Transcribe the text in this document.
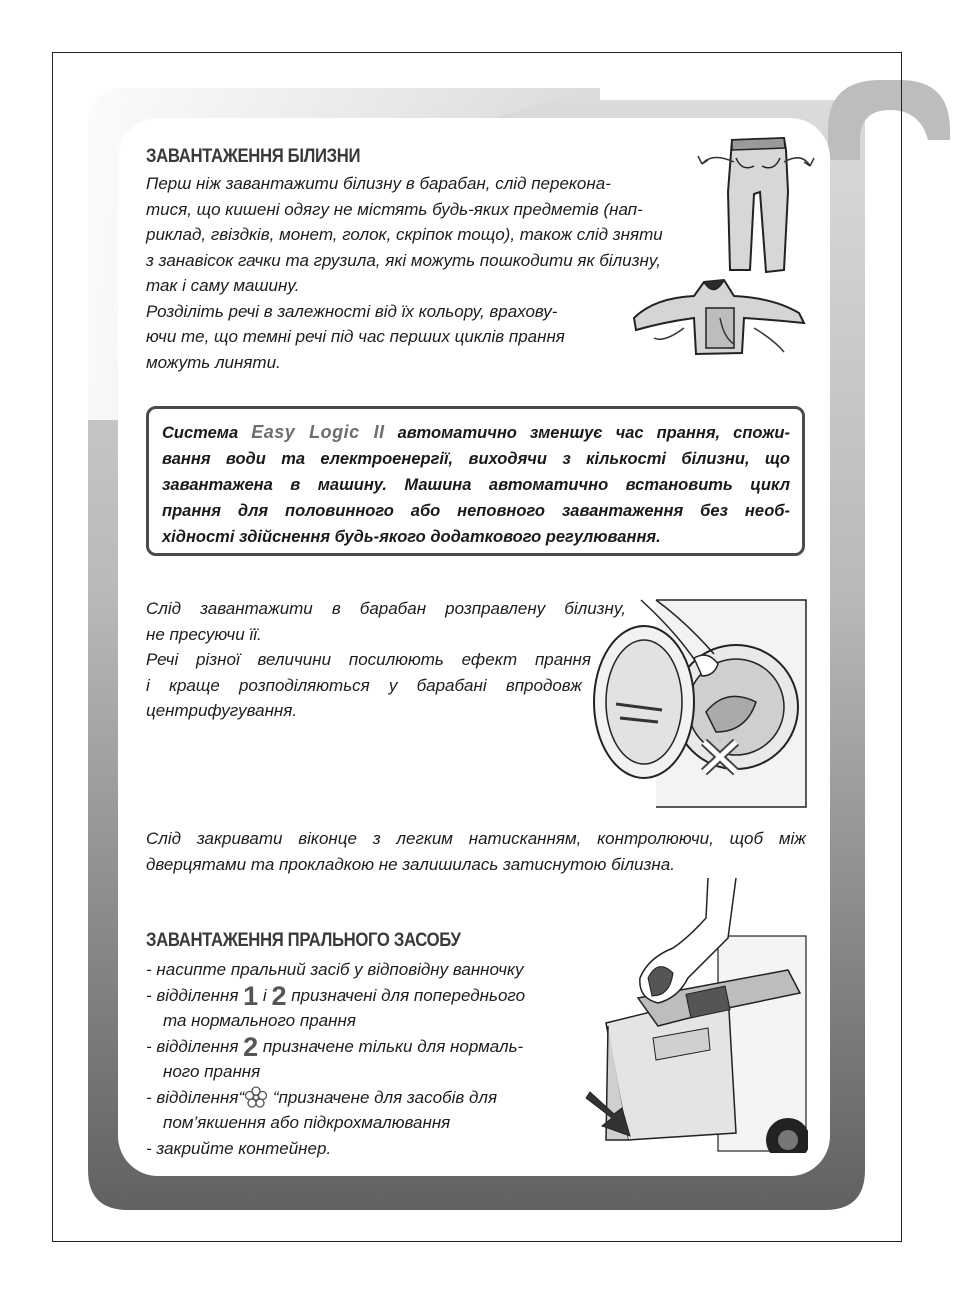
ЗАВАНТАЖЕННЯ БІЛИЗНИ
Перш ніж завантажити білизну в барабан, слід перекона-
тися, що кишені одягу не містять будь-яких предметів (нап-
риклад, гвіздків, монет, голок, скріпок тощо), також слід зняти
з занавісок гачки та грузила, які можуть пошкодити як білизну,
так і саму машину.
Розділіть речі в залежності від їх кольору, врахову-
ючи те, що темні речі під час перших циклів прання
можуть линяти.
Система Easy Logic II автоматично зменшує час прання, спожи-
вання води та електроенергії, виходячи з кількості білизни, що
завантажена в машину. Машина автоматично встановить цикл
прання для половинного або неповного завантаження без необ-
хідності здійснення будь-якого додаткового регулювання.
Слід завантажити в барабан розправлену білизну,
не пресуючи її.
Речі різної величини посилюють ефект прання
і краще розподіляються у барабані впродовж
центрифугування.
Слід закривати віконце з легким натисканням, контролюючи, щоб між
дверцятами та прокладкою не залишилась затиснутою білизна.
ЗАВАНТАЖЕННЯ ПРАЛЬНОГО ЗАСОБУ
- насипте пральний засіб у відповідну ванночку
- відділення 1 і 2 призначені для попереднього
та нормального прання
- відділення 2 призначене тільки для нормаль-
ного прання
- відділення“ “призначене для засобів для
пом’якшення або підкрохмалювання
- закрийте контейнер.
